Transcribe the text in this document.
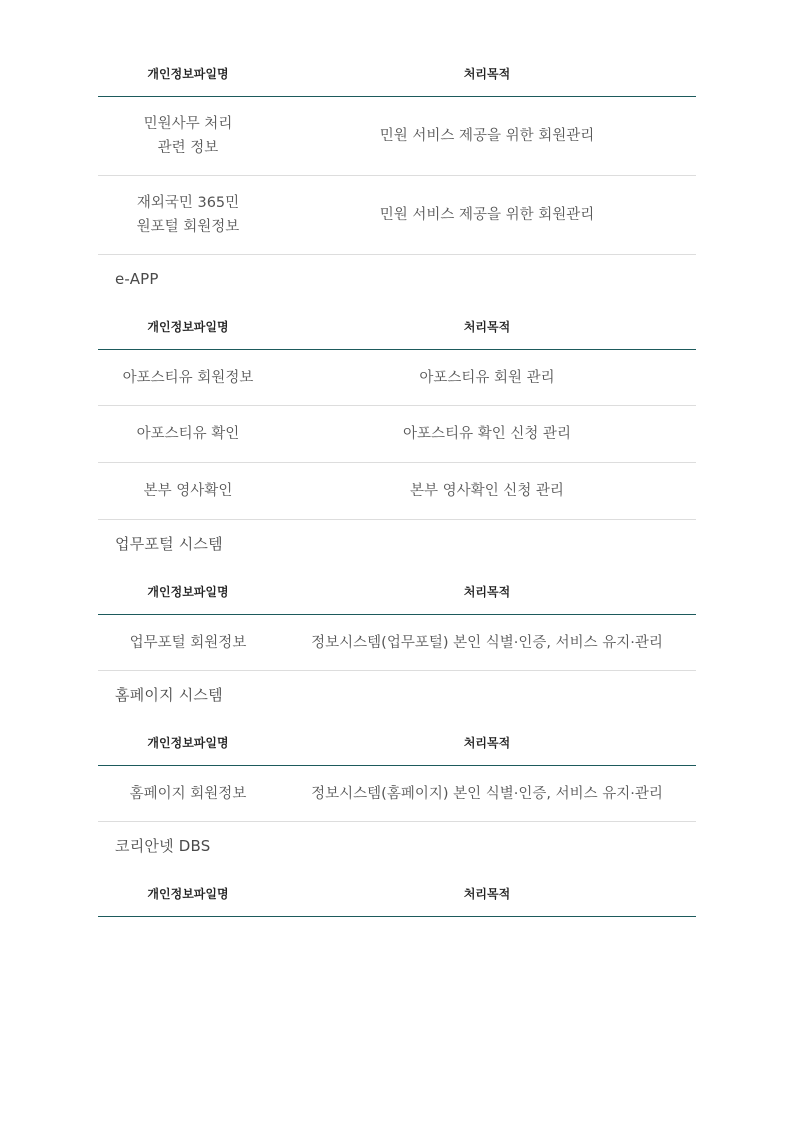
개인정보파일명	처리목적
민원사무 처리 관련 정보	민원 서비스 제공을 위한 회원관리
재외국민 365민원포털 회원정보	민원 서비스 제공을 위한 회원관리
e-APP
개인정보파일명	처리목적
아포스티유 회원정보	아포스티유 회원 관리
아포스티유 확인	아포스티유 확인 신청 관리
본부 영사확인	본부 영사확인 신청 관리
업무포털 시스템
개인정보파일명	처리목적
업무포털 회원정보	정보시스템(업무포털) 본인 식별·인증, 서비스 유지·관리
홈페이지 시스템
개인정보파일명	처리목적
홈페이지 회원정보	정보시스템(홈페이지) 본인 식별·인증, 서비스 유지·관리
코리안넷 DBS
개인정보파일명	처리목적
